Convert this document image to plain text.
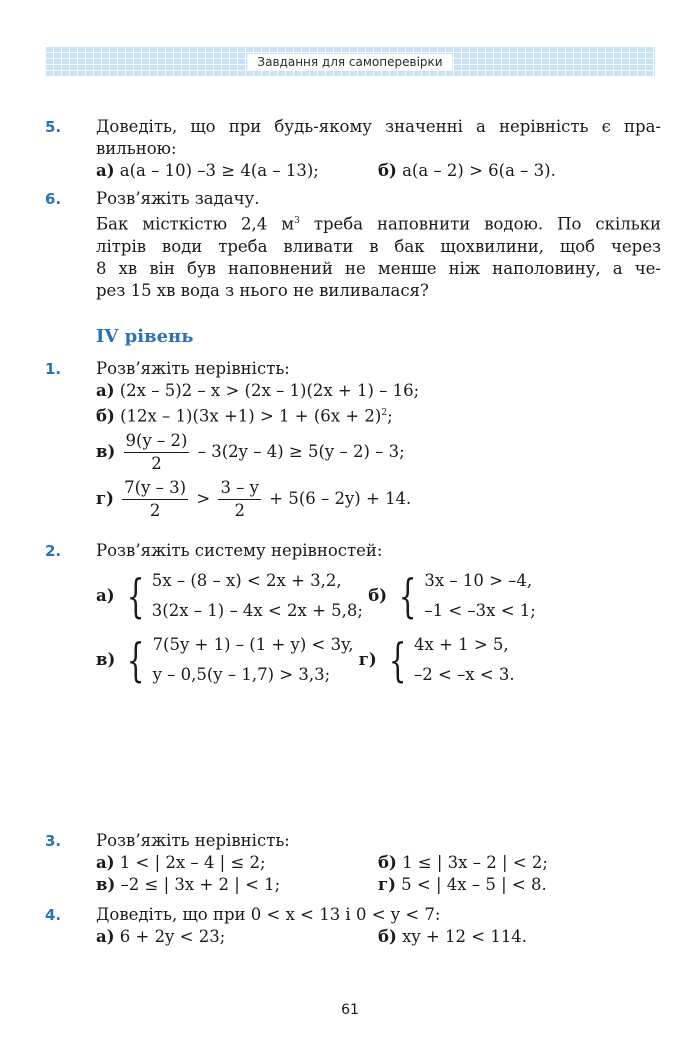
Завдання для самоперевірки
5. Доведіть, що при будь-якому значенні a нерівність є пра-
вильною:
а) a(a – 10) –3 ≥ 4(a – 13);	б) a(a – 2) > 6(a – 3).
6. Розв’яжіть задачу.
Бак місткістю 2,4 $м^3$ треба наповнити водою. По скільки
літрів води треба вливати в бак щохвилини, щоб через
8 хв він був наповнений не менше ніж наполовину, а че-
рез 15 хв вода з нього не виливалася?
IV рівень
1. Розв’яжіть нерівність:
а) (2x – 5)2 – x > (2x – 1)(2x + 1) – 16;
б) $(12x - 1)(3x +1) > 1 + (6x + 2)^2$;
$в) \frac{9(y - 2)}{2} - 3(2y - 4) \ge 5(y - 2) - 3$;
$г) \frac{7(y - 3)}{2} > \frac{3 - y}{2} + 5(6 - 2y) + 14$.
2. Розв’яжіть систему нерівностей:
а) { 5x – (8 – x) < 2x + 3,2,
3(2x – 1) – 4x < 2x + 5,8;

б) { 3x – 10 > –4,
–1 < –3x < 1;

в) { 7(5y + 1) – (1 + y) < 3y,
y – 0,5(y – 1,7) > 3,3;

г) { 4x + 1 > 5,
–2 < –x < 3.
3. Розв’яжіть нерівність:
а) 1 < | 2x – 4 | ≤ 2;	б) 1 ≤ | 3x – 2 | < 2;
в) –2 ≤ | 3x + 2 | < 1;	г) 5 < | 4x – 5 | < 8.
4. Доведіть, що при 0 < x < 13 і 0 < y < 7:
а) 6 + 2y < 23;	б) xy + 12 < 114.
61
